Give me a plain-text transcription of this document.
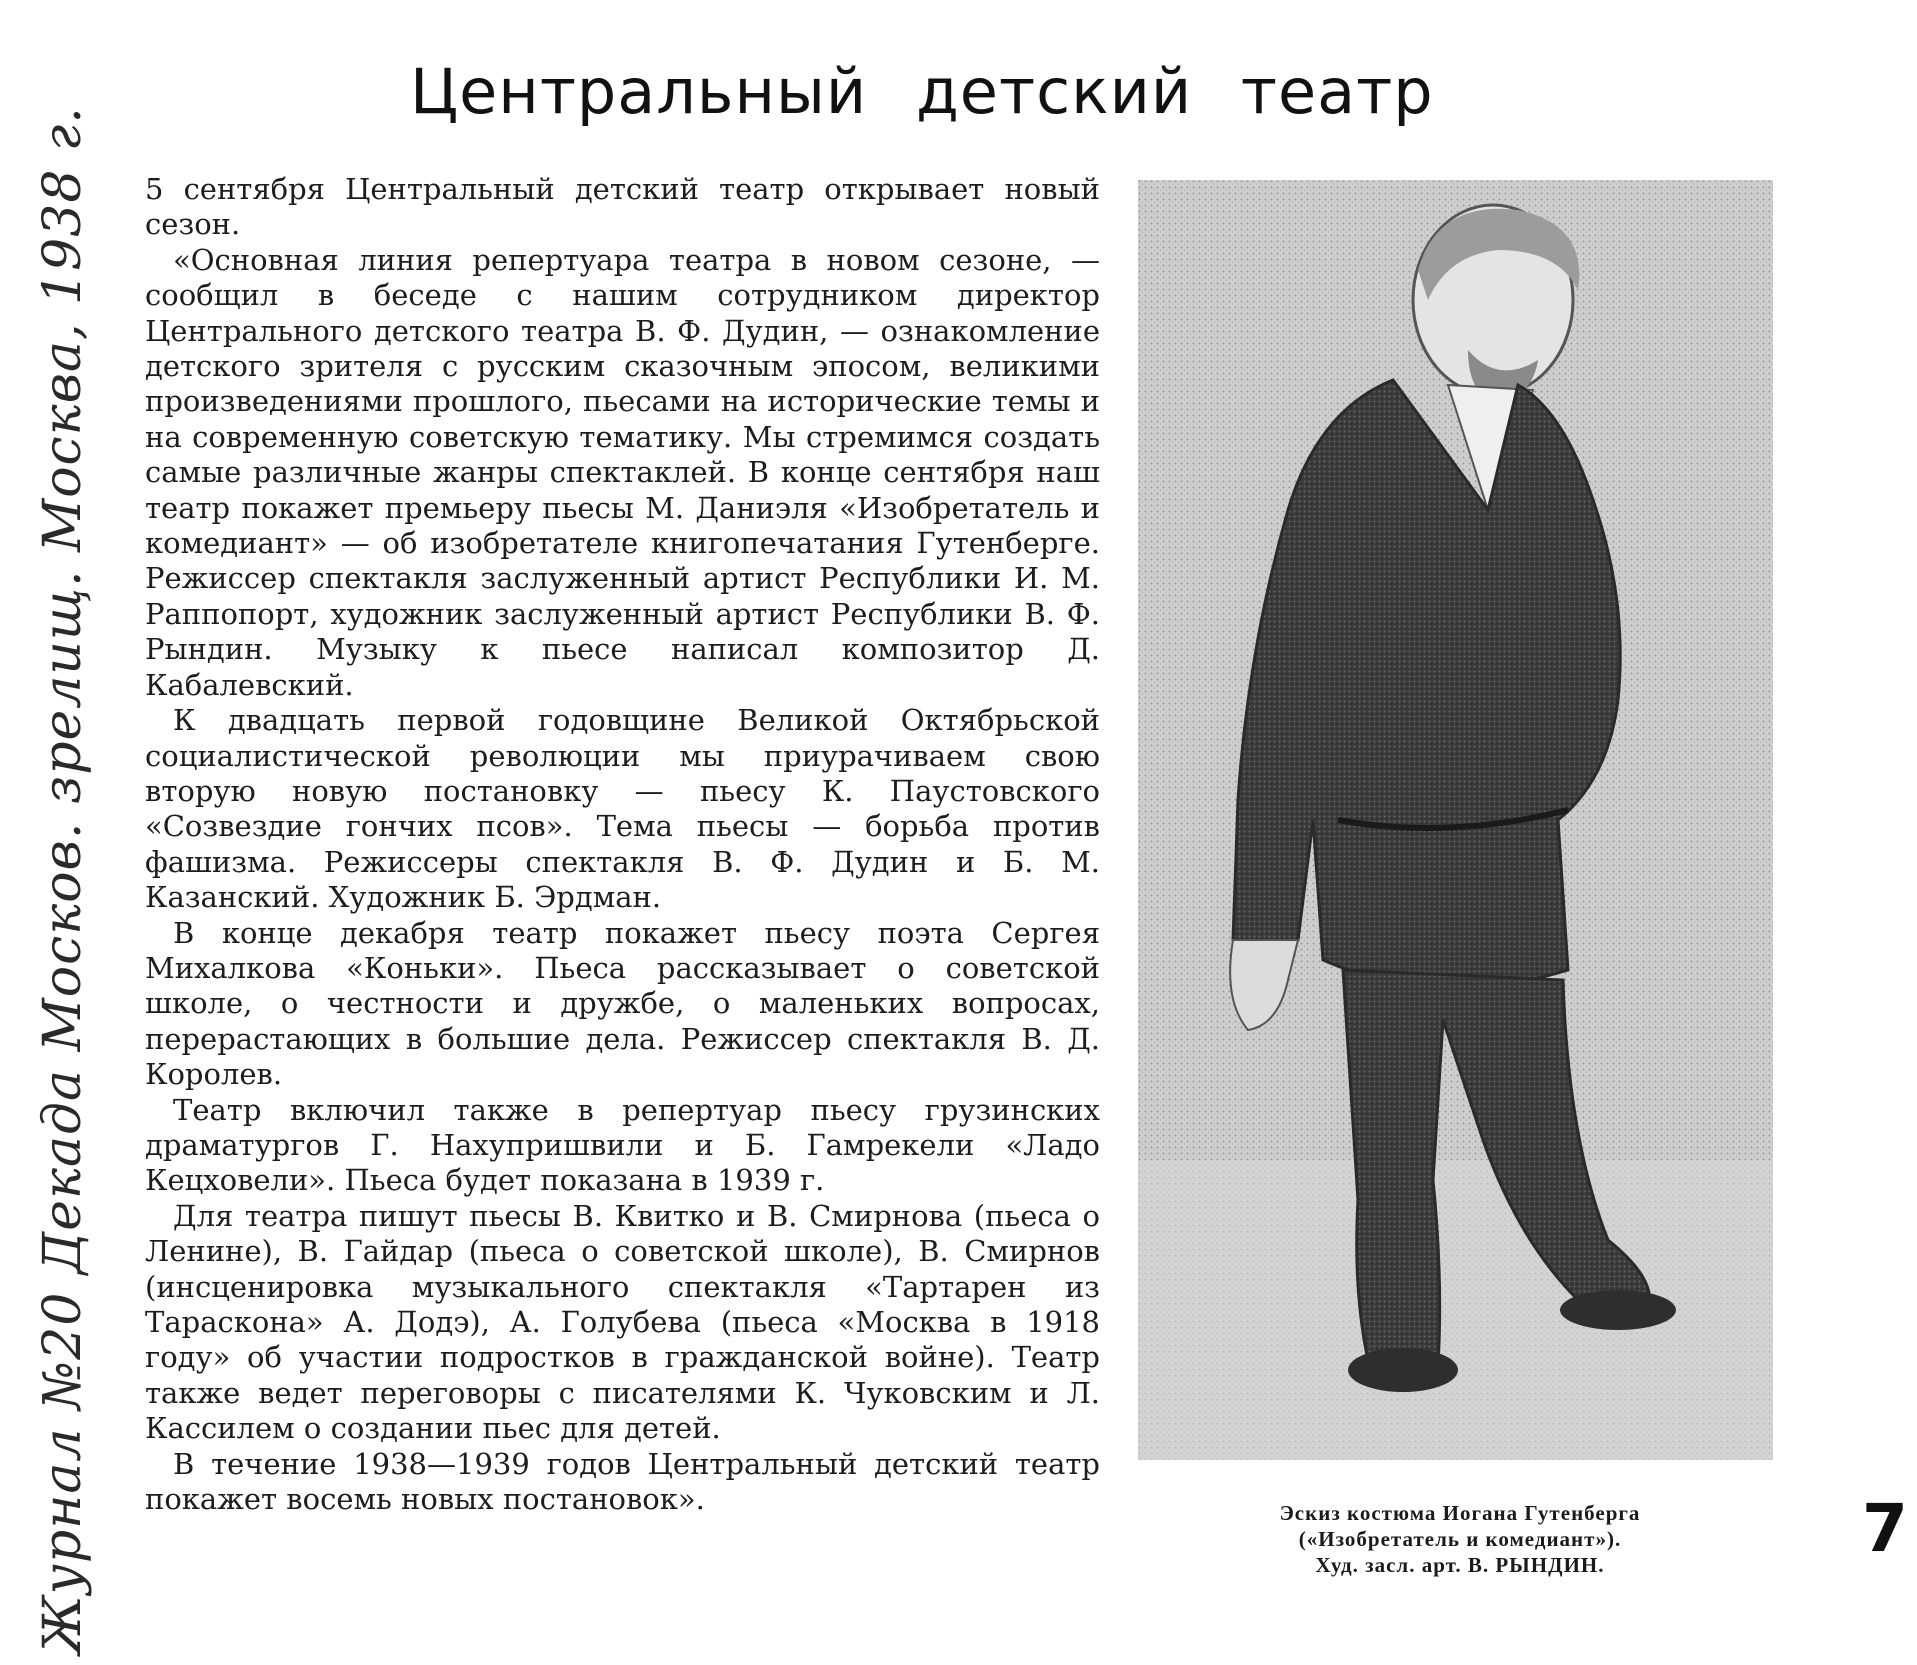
Журнал №20 Декада Москов. зрелищ. Москва, 1938 г.
Центральный детский театр

5 сентября Центральный детский театр открывает новый сезон.

«Основная линия репертуара театра в новом сезоне, — сообщил в беседе с нашим сотрудником директор Центрального детского театра В. Ф. Дудин, — ознакомление детского зрителя с русским сказочным эпосом, великими произведениями прошлого, пьесами на исторические темы и на современную советскую тематику. Мы стремимся создать самые различные жанры спектаклей. В конце сентября наш театр покажет премьеру пьесы М. Даниэля «Изобретатель и комедиант» — об изобретателе книгопечатания Гутенберге. Режиссер спектакля заслуженный артист Республики И. М. Раппопорт, художник заслуженный артист Республики В. Ф. Рындин. Музыку к пьесе написал композитор Д. Кабалевский.

К двадцать первой годовщине Великой Октябрьской социалистической революции мы приурачиваем свою вторую новую постановку — пьесу К. Паустовского «Созвездие гончих псов». Тема пьесы — борьба против фашизма. Режиссеры спектакля В. Ф. Дудин и Б. М. Казанский. Художник Б. Эрдман.

В конце декабря театр покажет пьесу поэта Сергея Михалкова «Коньки». Пьеса рассказывает о советской школе, о честности и дружбе, о маленьких вопросах, перерастающих в большие дела. Режиссер спектакля В. Д. Королев.

Театр включил также в репертуар пьесу грузинских драматургов Г. Нахупришвили и Б. Гамрекели «Ладо Кецховели». Пьеса будет показана в 1939 г.

Для театра пишут пьесы В. Квитко и В. Смирнова (пьеса о Ленине), В. Гайдар (пьеса о советской школе), В. Смирнов (инсценировка музыкального спектакля «Тартарен из Тараскона» А. Додэ), А. Голубева (пьеса «Москва в 1918 году» об участии подростков в гражданской войне). Театр также ведет переговоры с писателями К. Чуковским и Л. Кассилем о создании пьес для детей.

В течение 1938—1939 годов Центральный детский театр покажет восемь новых постановок».	Эскиз костюма Иогана Гутенберга
(«Изобретатель и комедиант»).
Худ. засл. арт. В. РЫНДИН.	7
